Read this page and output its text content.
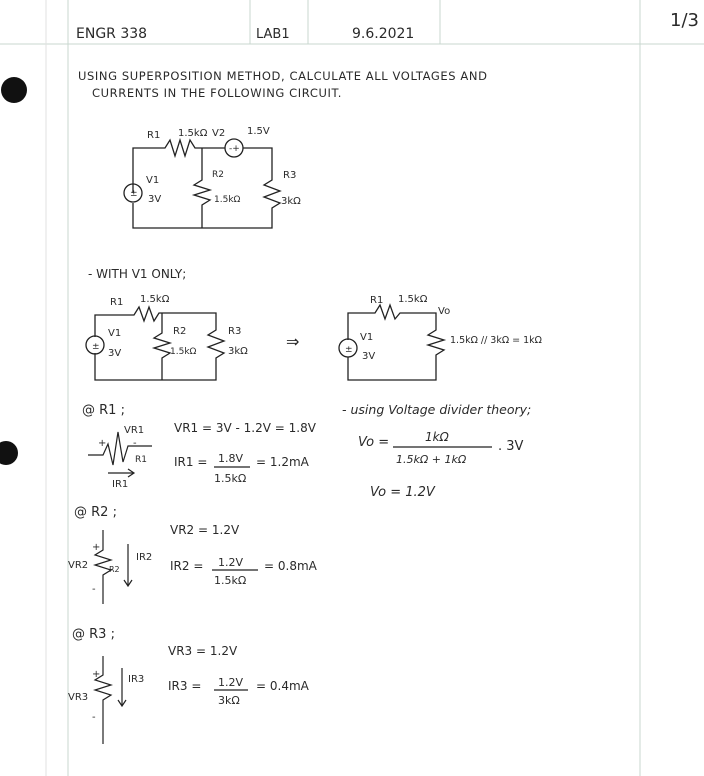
ENGR 338	LAB1	9.6.2021
1/3
USING SUPERPOSITION METHOD, CALCULATE ALL VOLTAGES AND
CURRENTS IN THE FOLLOWING CIRCUIT.
R1 1.5kΩ V2 1.5V
-+
±
V1
3V
R2
1.5kΩ
R3
3kΩ
- WITH V1 ONLY;
R1 1.5kΩ
±
V1
3V
R2
1.5kΩ
R3
3kΩ
⇒
R1 1.5kΩ
Vo
±
V1
3V
1.5kΩ // 3kΩ = 1kΩ
@ R1 ;
+	-
VR1
R1
IR1
VR1 = 3V - 1.2V = 1.8V
IR1 = 1.8V
1.5kΩ
= 1.2mA
- using Voltage divider theory;
Vo =	1kΩ
1.5kΩ + 1kΩ
. 3V
Vo = 1.2V
@ R2 ;
+
-
VR2	R2
IR2
VR2 = 1.2V
IR2 = 1.2V
1.5kΩ
= 0.8mA
@ R3 ;
+
-
VR3
IR3
VR3 = 1.2V
IR3 = 1.2V
3kΩ
= 0.4mA
